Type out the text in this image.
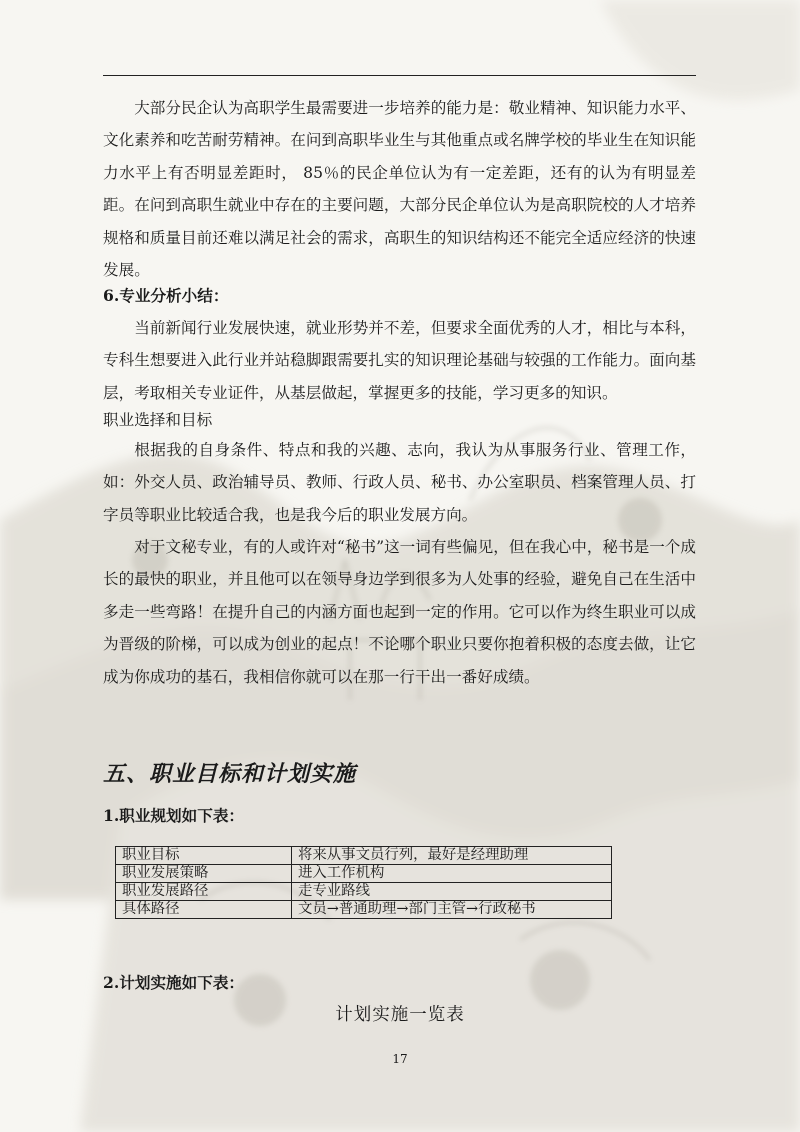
大部分民企认为高职学生最需要进一步培养的能力是：敬业精神、知识能力水平、文化素养和吃苦耐劳精神。在问到高职毕业生与其他重点或名牌学校的毕业生在知识能力水平上有否明显差距时， 85％的民企单位认为有一定差距，还有的认为有明显差距。在问到高职生就业中存在的主要问题，大部分民企单位认为是高职院校的人才培养规格和质量目前还难以满足社会的需求，高职生的知识结构还不能完全适应经济的快速发展。

6.专业分析小结：

当前新闻行业发展快速，就业形势并不差，但要求全面优秀的人才，相比与本科，专科生想要进入此行业并站稳脚跟需要扎实的知识理论基础与较强的工作能力。面向基层，考取相关专业证件，从基层做起，掌握更多的技能，学习更多的知识。

职业选择和目标

根据我的自身条件、特点和我的兴趣、志向，我认为从事服务行业、管理工作，如：外交人员、政治辅导员、教师、行政人员、秘书、办公室职员、档案管理人员、打字员等职业比较适合我，也是我今后的职业发展方向。

对于文秘专业，有的人或许对“秘书”这一词有些偏见，但在我心中，秘书是一个成长的最快的职业，并且他可以在领导身边学到很多为人处事的经验，避免自己在生活中多走一些弯路！在提升自己的内涵方面也起到一定的作用。它可以作为终生职业可以成为晋级的阶梯，可以成为创业的起点！不论哪个职业只要你抱着积极的态度去做，让它成为你成功的基石，我相信你就可以在那一行干出一番好成绩。

五、职业目标和计划实施

1.职业规划如下表：

职业目标	将来从事文员行列，最好是经理助理
职业发展策略	进入工作机构
职业发展路径	走专业路线
具体路径	文员→普通助理→部门主管→行政秘书

2.计划实施如下表：

计划实施一览表
17
